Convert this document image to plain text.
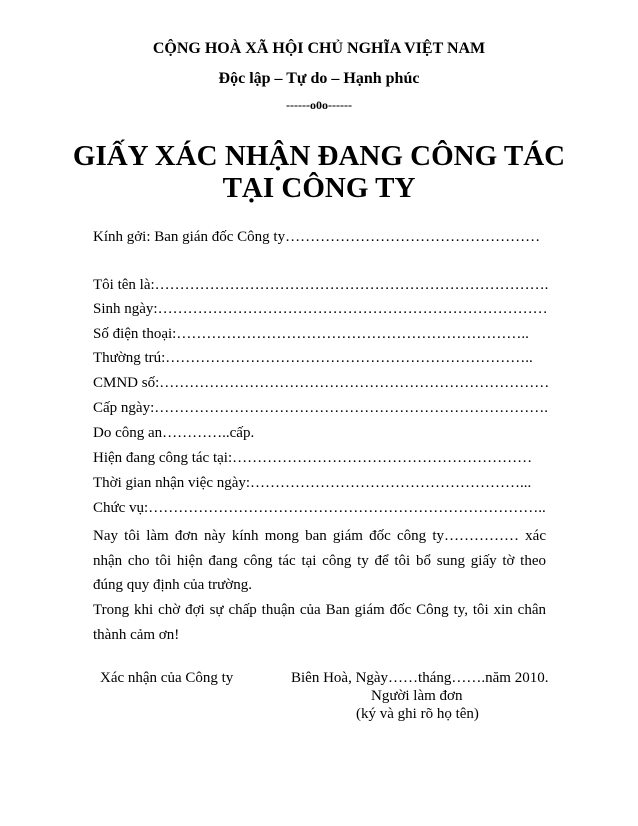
CỘNG HOÀ XÃ HỘI CHỦ NGHĨA VIỆT NAM

Độc lập – Tự do – Hạnh phúc

------o0o------

GIẤY XÁC NHẬN ĐANG CÔNG TÁC

TẠI CÔNG TY

Kính gởi: Ban gián đốc Công ty……………………………………………

Tôi tên là:…………………………………………………………………….

Sinh ngày:……………………………………………………………………

Số điện thoại:……………………………………………………………..

Thường trú:………………………………………………………………..

CMND số:……………………………………………………………………

Cấp ngày:…………………………………………………………………….

Do công an…………..cấp.

Hiện đang công tác tại:……………………………………………………

Thời gian nhận việc ngày:………………………………………………...

Chức vụ:……………………………………………………………………..

Nay tôi làm đơn này kính mong ban giám đốc công ty…………… xác nhận cho tôi hiện đang công tác tại công ty để tôi bổ sung giấy tờ theo đúng quy định của trường.

Trong khi chờ đợi sự chấp thuận của Ban giám đốc Công ty, tôi xin chân thành cảm ơn!

Xác nhận của Công ty	Biên Hoà, Ngày……tháng…….năm 2010.

Người làm đơn

(ký và ghi rõ họ tên)
